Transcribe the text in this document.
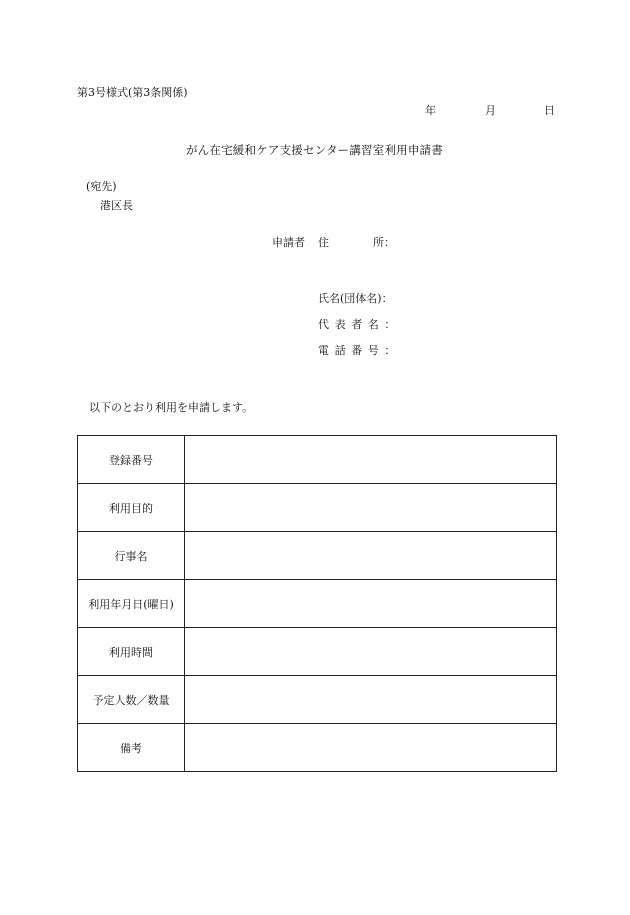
第3号様式(第3条関係)
年	月	日
がん在宅緩和ケア支援センター講習室利用申請書
(宛先)
港区長
申請者 住	所：
氏名(団体名)：
代表者名：
電話番号：
以下のとおり利用を申請します。
登録番号	
利用目的	
行事名	
利用年月日(曜日)	
利用時間	
予定人数／数量	
備考	
